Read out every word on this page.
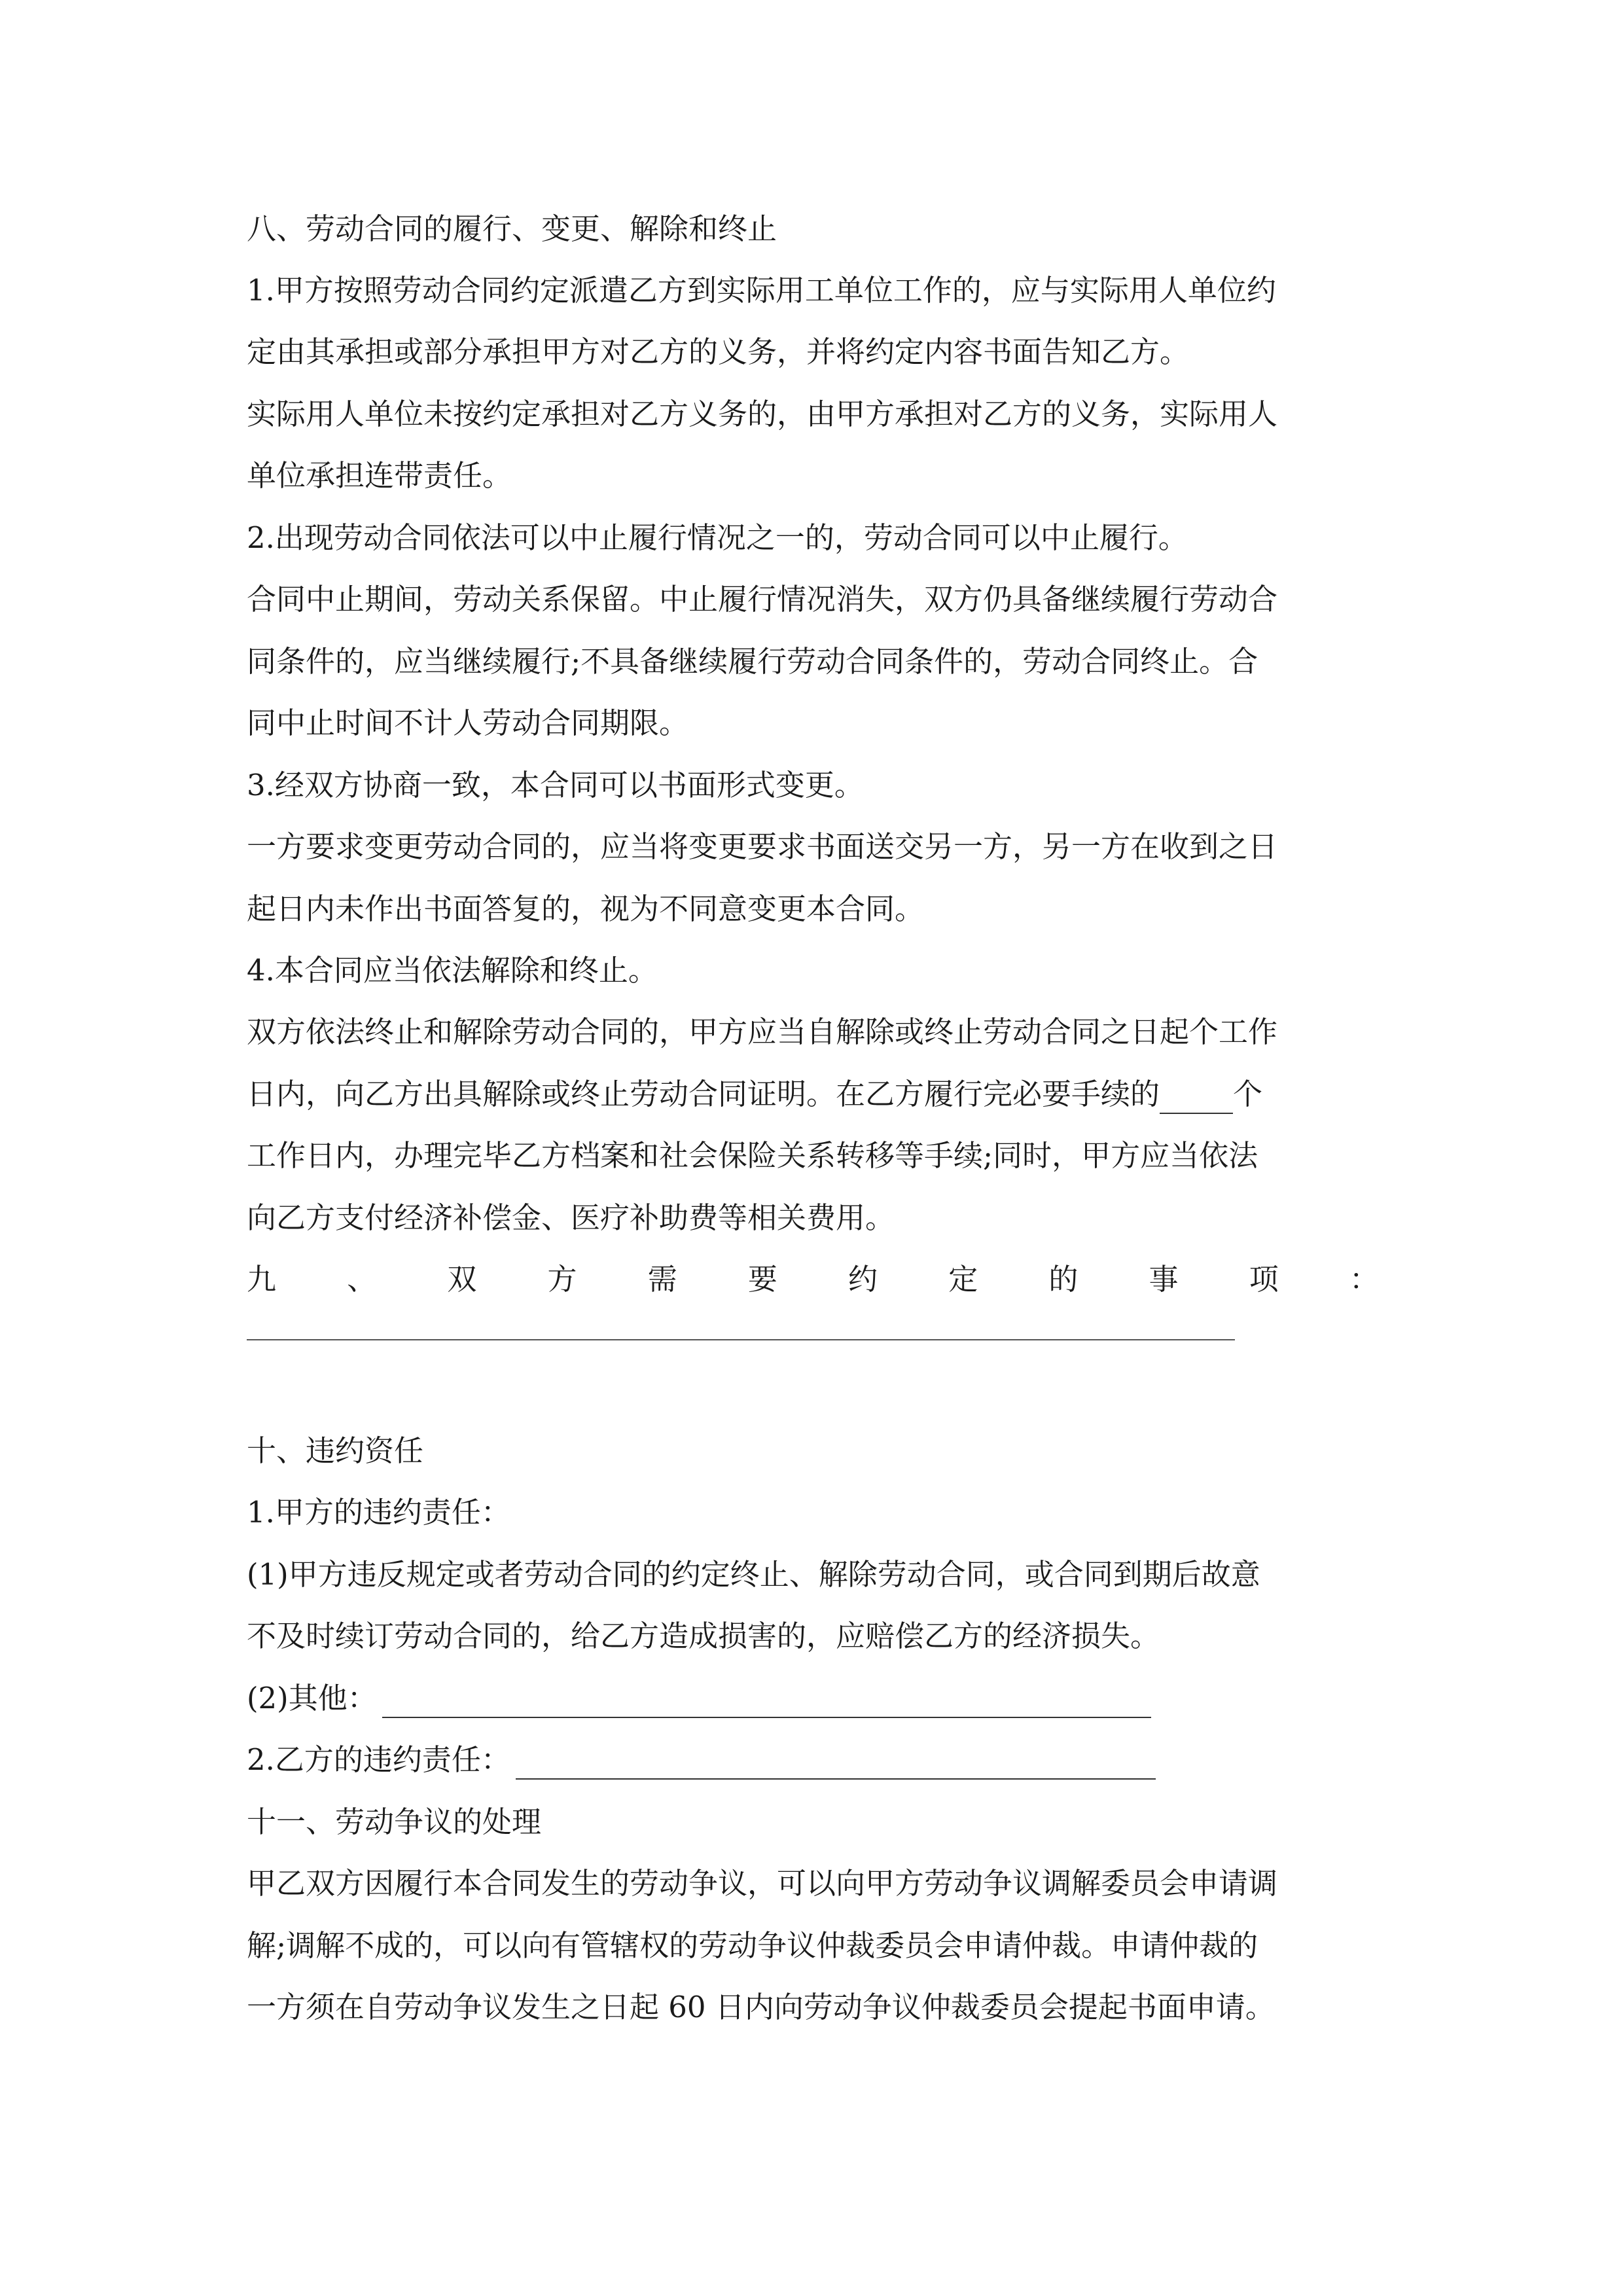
八、劳动合同的履行、变更、解除和终止
1.甲方按照劳动合同约定派遣乙方到实际用工单位工作的，应与实际用人单位约
定由其承担或部分承担甲方对乙方的义务，并将约定内容书面告知乙方。
实际用人单位未按约定承担对乙方义务的，由甲方承担对乙方的义务，实际用人
单位承担连带责任。
2.出现劳动合同依法可以中止履行情况之一的，劳动合同可以中止履行。
合同中止期间，劳动关系保留。中止履行情况消失，双方仍具备继续履行劳动合
同条件的，应当继续履行;不具备继续履行劳动合同条件的，劳动合同终止。合
同中止时间不计人劳动合同期限。
3.经双方协商一致，本合同可以书面形式变更。
一方要求变更劳动合同的，应当将变更要求书面送交另一方，另一方在收到之日
起日内未作出书面答复的，视为不同意变更本合同。
4.本合同应当依法解除和终止。
双方依法终止和解除劳动合同的，甲方应当自解除或终止劳动合同之日起个工作
日内，向乙方出具解除或终止劳动合同证明。在乙方履行完必要手续的 个
工作日内，办理完毕乙方档案和社会保险关系转移等手续;同时，甲方应当依法
向乙方支付经济补偿金、医疗补助费等相关费用。
九 、 双 方 需 要 约 定 的 事 项 ：
十、违约资任
1.甲方的违约责任：
(1)甲方违反规定或者劳动合同的约定终止、解除劳动合同，或合同到期后故意
不及时续订劳动合同的，给乙方造成损害的，应赔偿乙方的经济损失。
(2)其他：
2.乙方的违约责任：
十一、劳动争议的处理
甲乙双方因履行本合同发生的劳动争议，可以向甲方劳动争议调解委员会申请调
解;调解不成的，可以向有管辖权的劳动争议仲裁委员会申请仲裁。申请仲裁的
一方须在自劳动争议发生之日起 60 日内向劳动争议仲裁委员会提起书面申请。
